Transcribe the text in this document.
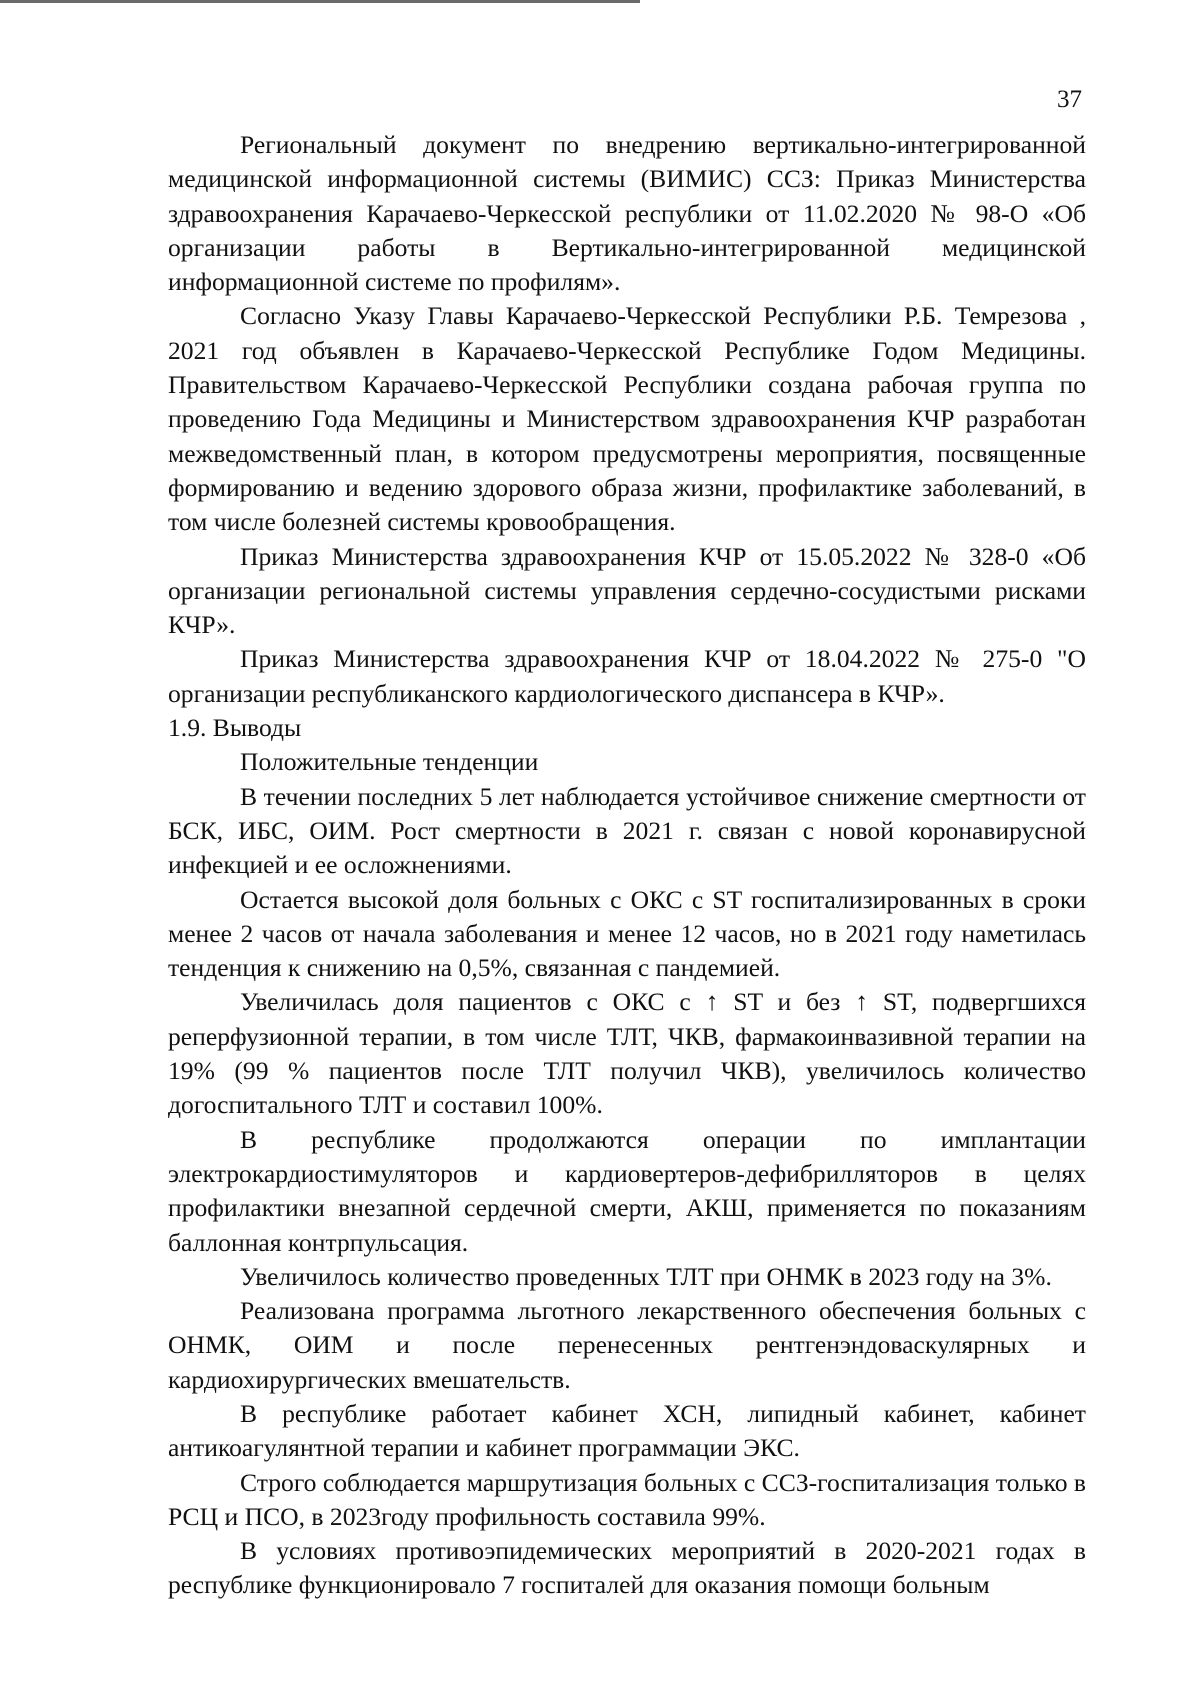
37

Региональный документ по внедрению вертикально-интегрированной медицинской информационной системы (ВИМИС) ССЗ: Приказ Министерства здравоохранения Карачаево-Черкесской республики от 11.02.2020 № 98-О «Об организации работы в Вертикально-интегрированной медицинской информационной системе по профилям».

Согласно Указу Главы Карачаево-Черкесской Республики Р.Б. Темрезова , 2021 год объявлен в Карачаево-Черкесской Республике Годом Медицины. Правительством Карачаево-Черкесской Республики создана рабочая группа по проведению Года Медицины и Министерством здравоохранения КЧР разработан межведомственный план, в котором предусмотрены мероприятия, посвященные формированию и ведению здорового образа жизни, профилактике заболеваний, в том числе болезней системы кровообращения.

Приказ Министерства здравоохранения КЧР от 15.05.2022 № 328-0 «Об организации региональной системы управления сердечно-сосудистыми рисками КЧР».

Приказ Министерства здравоохранения КЧР от 18.04.2022 № 275-0 "О организации республиканского кардиологического диспансера в КЧР».

1.9. Выводы

Положительные тенденции

В течении последних 5 лет наблюдается устойчивое снижение смертности от БСК, ИБС, ОИМ. Рост смертности в 2021 г. связан с новой коронавирусной инфекцией и ее осложнениями.

Остается высокой доля больных с ОКС с ST госпитализированных в сроки менее 2 часов от начала заболевания и менее 12 часов, но в 2021 году наметилась тенденция к снижению на 0,5%, связанная с пандемией.

Увеличилась доля пациентов с ОКС с ↑ ST и без ↑ ST, подвергшихся реперфузионной терапии, в том числе ТЛТ, ЧКВ, фармакоинвазивной терапии на 19% (99 % пациентов после ТЛТ получил ЧКВ), увеличилось количество догоспитального ТЛТ и составил 100%.

В республике продолжаются операции по имплантации электрокардиостимуляторов и кардиовертеров-дефибрилляторов в целях профилактики внезапной сердечной смерти, АКШ, применяется по показаниям баллонная контрпульсация.

Увеличилось количество проведенных ТЛТ при ОНМК в 2023 году на 3%.

Реализована программа льготного лекарственного обеспечения больных с ОНМК, ОИМ и после перенесенных рентгенэндоваскулярных и кардиохирургических вмешательств.

В республике работает кабинет ХСН, липидный кабинет, кабинет антикоагулянтной терапии и кабинет программации ЭКС.

Строго соблюдается маршрутизация больных с ССЗ-госпитализация только в РСЦ и ПСО, в 2023году профильность составила 99%.

В условиях противоэпидемических мероприятий в 2020-2021 годах в республике функционировало 7 госпиталей для оказания помощи больным
